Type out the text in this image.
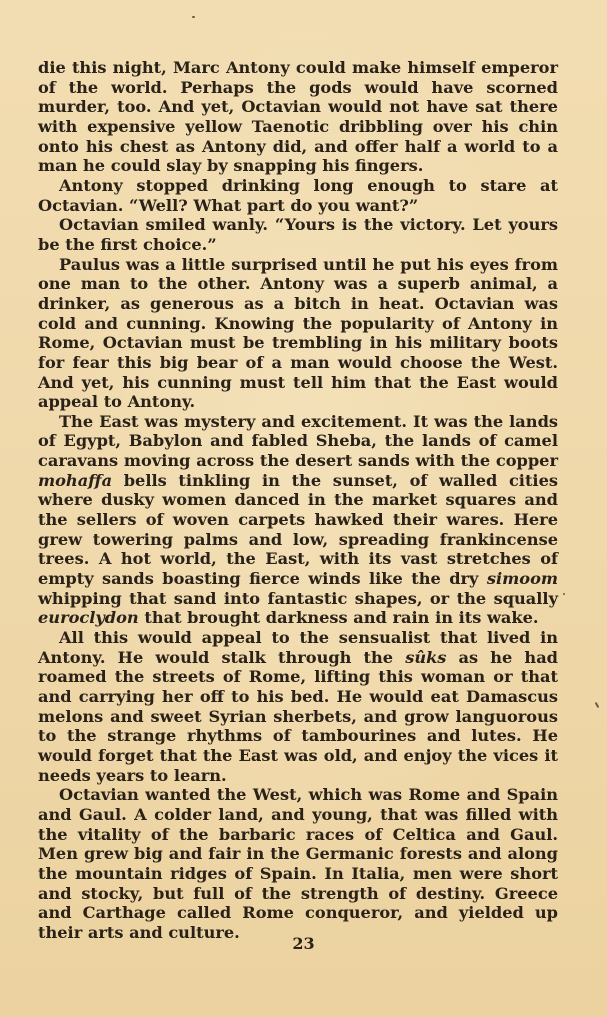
die this night, Marc Antony could make himself emperor of the world. Perhaps the gods would have scorned murder, too. And yet, Octavian would not have sat there with expensive yellow Taenotic dribbling over his chin onto his chest as Antony did, and offer half a world to a man he could slay by snapping his fingers.

Antony stopped drinking long enough to stare at Octavian. “Well? What part do you want?”

Octavian smiled wanly. “Yours is the victory. Let yours be the first choice.”

Paulus was a little surprised until he put his eyes from one man to the other. Antony was a superb animal, a drinker, as generous as a bitch in heat. Octavian was cold and cunning. Knowing the popularity of Antony in Rome, Octavian must be trembling in his military boots for fear this big bear of a man would choose the West. And yet, his cunning must tell him that the East would appeal to Antony.

The East was mystery and excitement. It was the lands of Egypt, Babylon and fabled Sheba, the lands of camel caravans moving across the desert sands with the copper mohaffa bells tinkling in the sunset, of walled cities where dusky women danced in the market squares and the sellers of woven carpets hawked their wares. Here grew towering palms and low, spreading frankincense trees. A hot world, the East, with its vast stretches of empty sands boasting fierce winds like the dry simoom whipping that sand into fantastic shapes, or the squally euroclydon that brought darkness and rain in its wake.

All this would appeal to the sensualist that lived in Antony. He would stalk through the sûks as he had roamed the streets of Rome, lifting this woman or that and carrying her off to his bed. He would eat Damascus melons and sweet Syrian sherbets, and grow languorous to the strange rhythms of tambourines and lutes. He would forget that the East was old, and enjoy the vices it needs years to learn.

Octavian wanted the West, which was Rome and Spain and Gaul. A colder land, and young, that was filled with the vitality of the barbaric races of Celtica and Gaul. Men grew big and fair in the Germanic forests and along the mountain ridges of Spain. In Italia, men were short and stocky, but full of the strength of destiny. Greece and Carthage called Rome conqueror, and yielded up their arts and culture.

23
